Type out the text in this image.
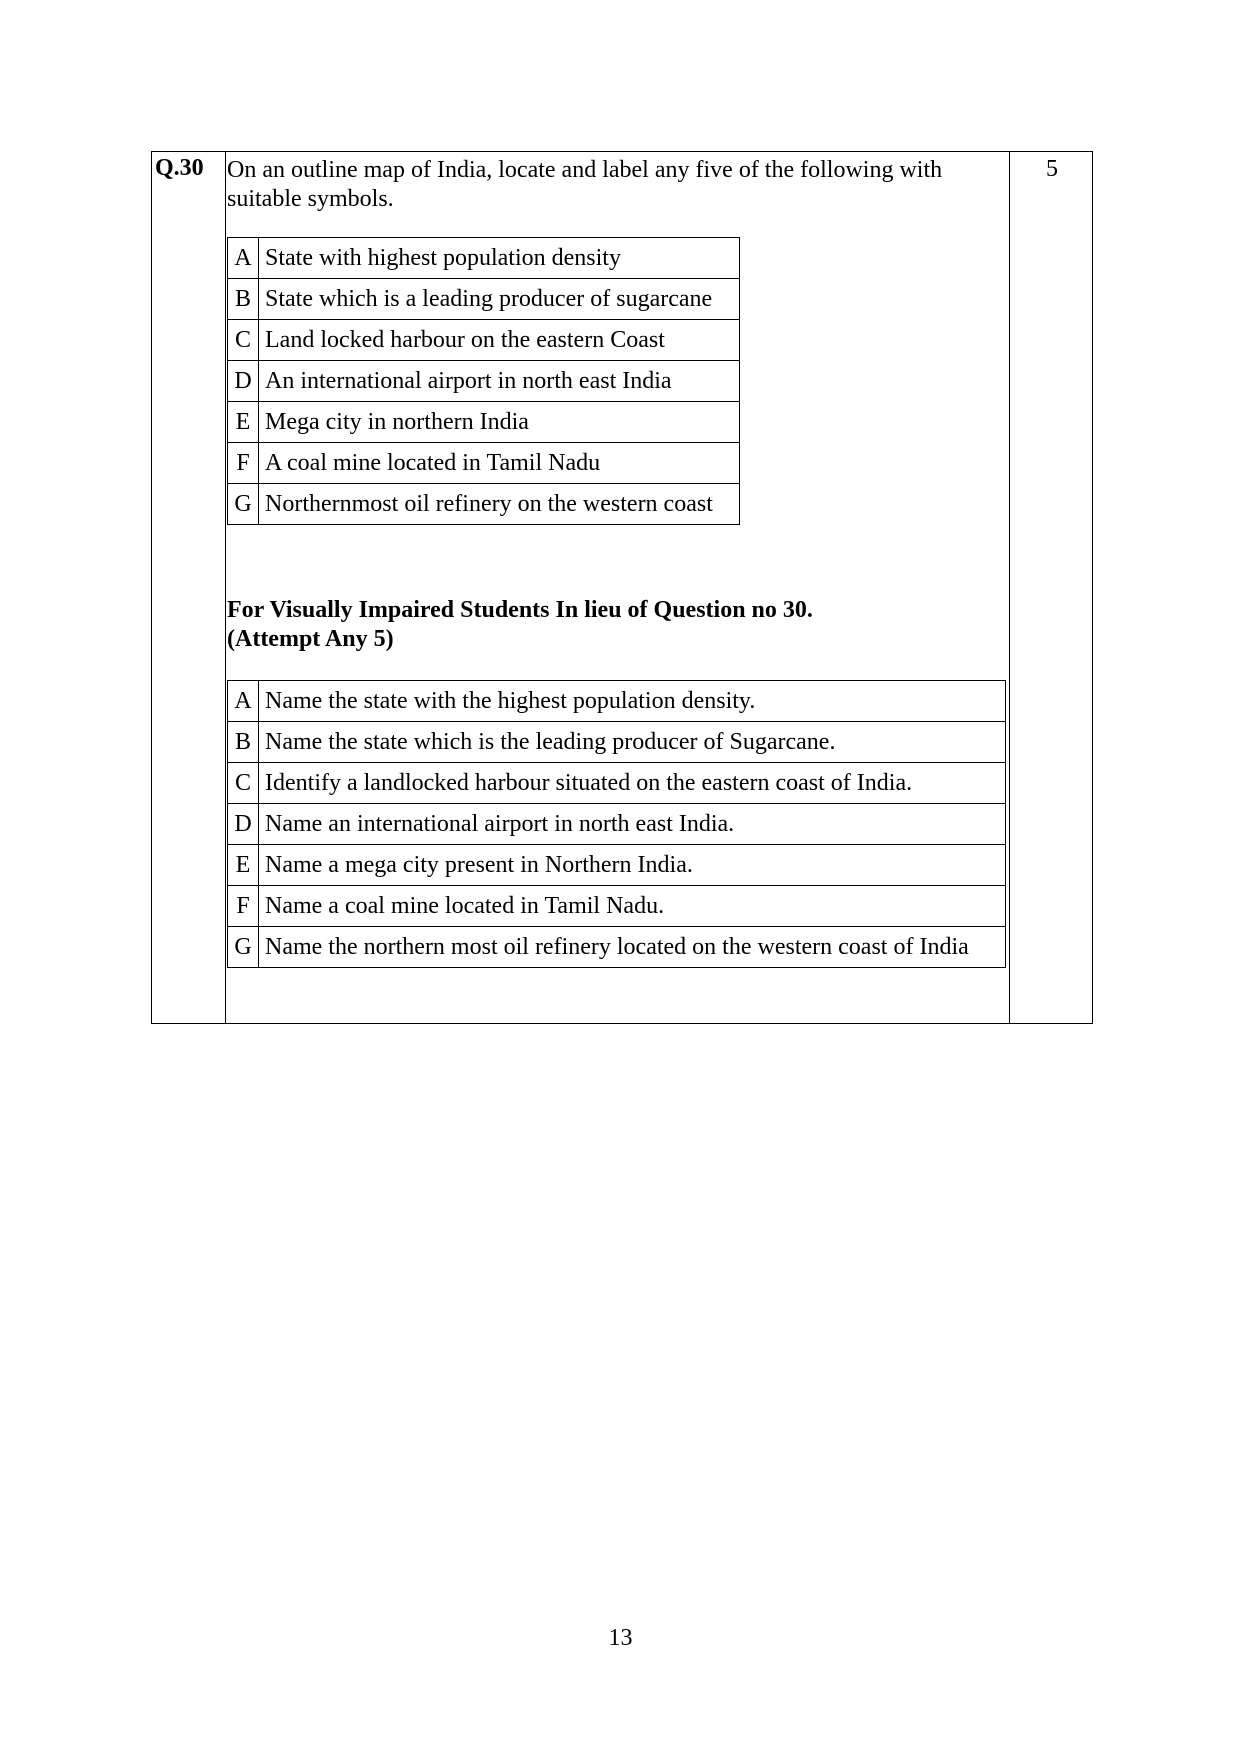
Q.30	5
On an outline map of India, locate and label any five of the following with suitable symbols.
A	State with highest population density
B	State which is a leading producer of sugarcane
C	Land locked harbour on the eastern Coast
D	An international airport in north east India
E	Mega city in northern India
F	A coal mine located in Tamil Nadu
G	Northernmost oil refinery on the western coast
For Visually Impaired Students In lieu of Question no 30.
(Attempt Any 5)
A	Name the state with the highest population density.
B	Name the state which is the leading producer of Sugarcane.
C	Identify a landlocked harbour situated on the eastern coast of India.
D	Name an international airport in north east India.
E	Name a mega city present in Northern India.
F	Name a coal mine located in Tamil Nadu.
G	Name the northern most oil refinery located on the western coast of India
13
